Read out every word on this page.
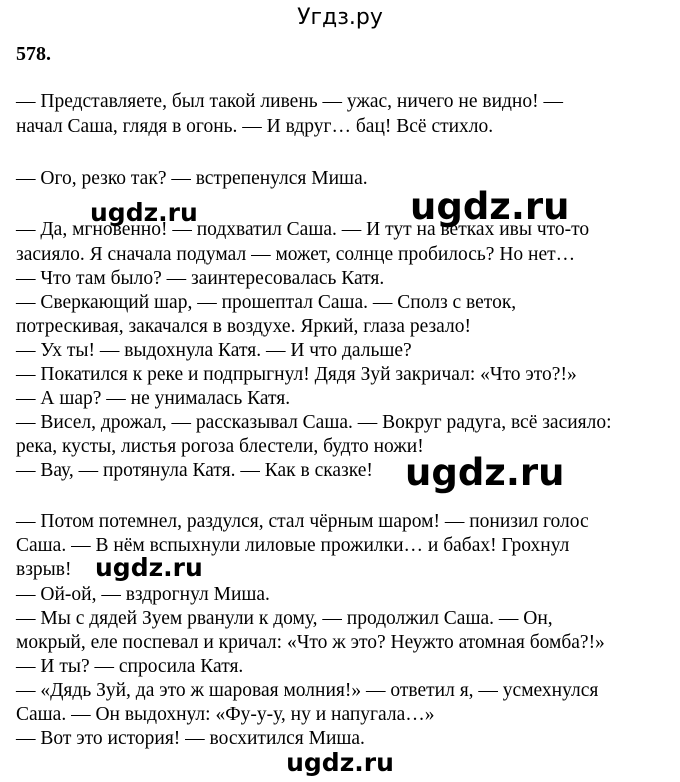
Угдз.ру
578.
— Представляете, был такой ливень — ужас, ничего не видно! —
начал Саша, глядя в огонь. — И вдруг… бац! Всё стихло.
— Ого, резко так? — встрепенулся Миша.
— Да, мгновенно! — подхватил Саша. — И тут на ветках ивы что-то
засияло. Я сначала подумал — может, солнце пробилось? Но нет…
— Что там было? — заинтересовалась Катя.
— Сверкающий шар, — прошептал Саша. — Сполз с веток,
потрескивая, закачался в воздухе. Яркий, глаза резало!
— Ух ты! — выдохнула Катя. — И что дальше?
— Покатился к реке и подпрыгнул! Дядя Зуй закричал: «Что это?!»
— А шар? — не унималась Катя.
— Висел, дрожал, — рассказывал Саша. — Вокруг радуга, всё засияло:
река, кусты, листья рогоза блестели, будто ножи!
— Вау, — протянула Катя. — Как в сказке!
— Потом потемнел, раздулся, стал чёрным шаром! — понизил голос
Саша. — В нём вспыхнули лиловые прожилки… и бабах! Грохнул
взрыв!
— Ой-ой, — вздрогнул Миша.
— Мы с дядей Зуем рванули к дому, — продолжил Саша. — Он,
мокрый, еле поспевал и кричал: «Что ж это? Неужто атомная бомба?!»
— И ты? — спросила Катя.
— «Дядь Зуй, да это ж шаровая молния!» — ответил я, — усмехнулся
Саша. — Он выдохнул: «Фу-у-у, ну и напугала…»
— Вот это история! — восхитился Миша.
ugdz.ru
ugdz.ru
ugdz.ru
ugdz.ru
ugdz.ru
